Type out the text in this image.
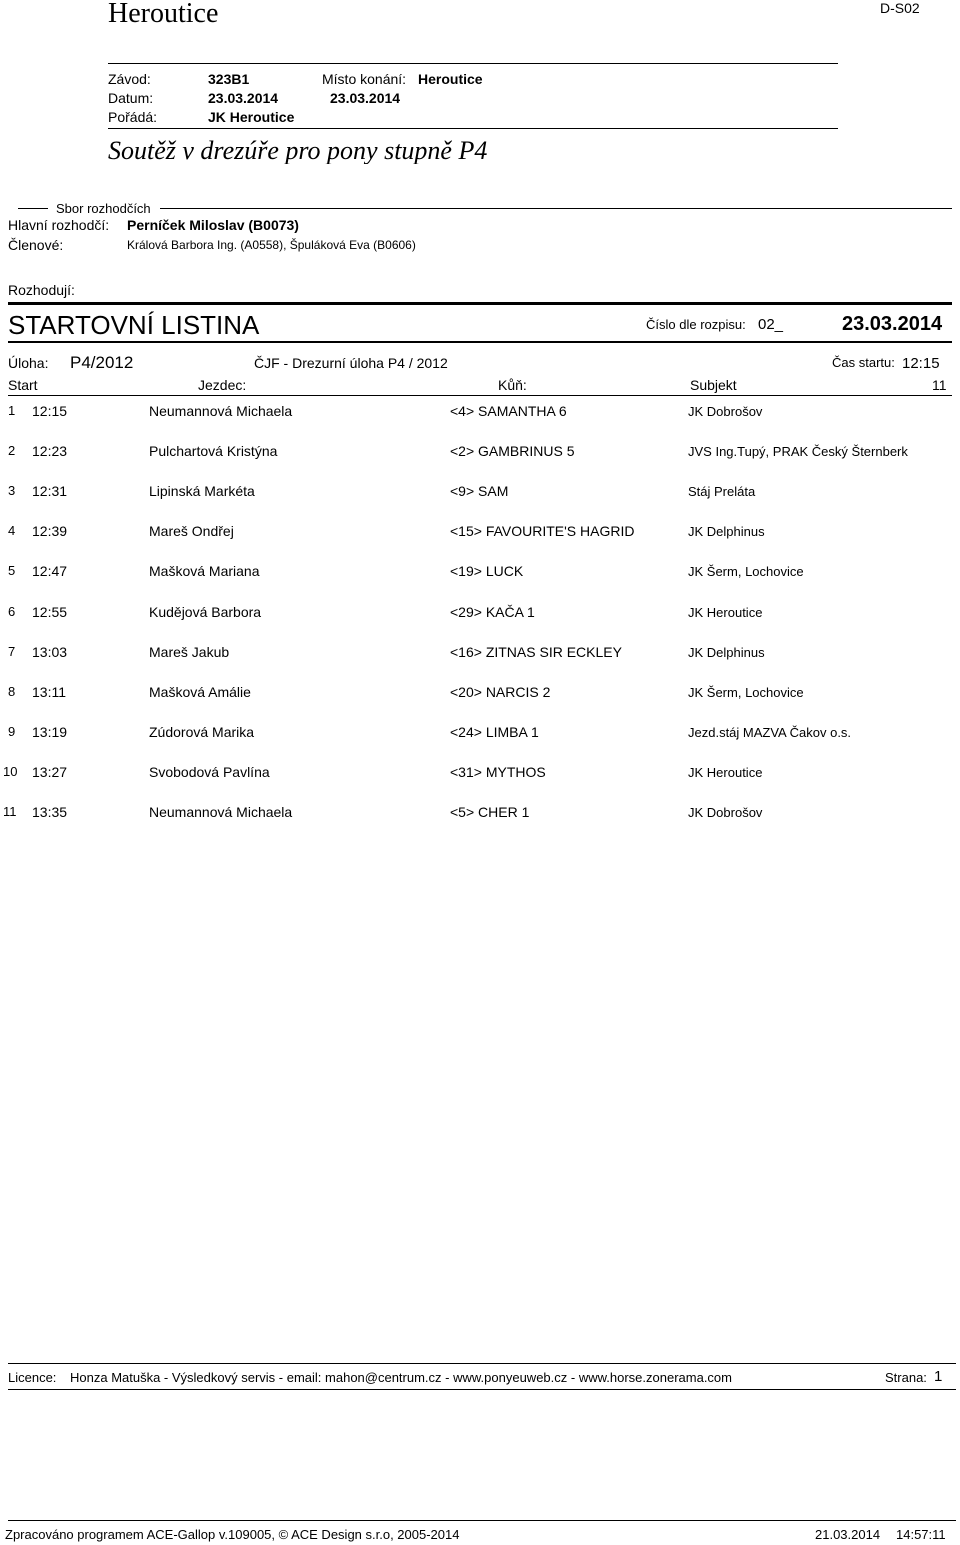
Heroutice	D-S02
Závod:	323B1	Místo konání: Heroutice
Datum:	23.03.2014	23.03.2014
Pořádá:	JK Heroutice
Soutěž v drezúře pro pony stupně P4
Sbor rozhodčích
Hlavní rozhodčí: Perníček Miloslav (B0073)
Členové:	Králová Barbora Ing. (A0558), Špuláková Eva (B0606)
Rozhodují:
STARTOVNÍ LISTINA	Číslo dle rozpisu: 02_	23.03.2014
Úloha: P4/2012	ČJF - Drezurní úloha P4 / 2012	Čas startu: 12:15
Start	Jezdec:	Kůň:	Subjekt	11
1 12:15	Neumannová Michaela	<4> SAMANTHA 6	JK Dobrošov
2 12:23	Pulchartová Kristýna	<2> GAMBRINUS 5	JVS Ing.Tupý, PRAK Český Šternberk
3 12:31	Lipinská Markéta	<9> SAM	Stáj Preláta
4 12:39	Mareš Ondřej	<15> FAVOURITE'S HAGRID	JK Delphinus
5 12:47	Mašková Mariana	<19> LUCK	JK Šerm, Lochovice
6 12:55	Kudějová Barbora	<29> KAČA 1	JK Heroutice
7 13:03	Mareš Jakub	<16> ZITNAS SIR ECKLEY	JK Delphinus
8 13:11	Mašková Amálie	<20> NARCIS 2	JK Šerm, Lochovice
9 13:19	Zúdorová Marika	<24> LIMBA 1	Jezd.stáj MAZVA Čakov o.s.
10 13:27	Svobodová Pavlína	<31> MYTHOS	JK Heroutice
11 13:35	Neumannová Michaela	<5> CHER 1	JK Dobrošov
Licence: Honza Matuška - Výsledkový servis - email: mahon@centrum.cz - www.ponyeuweb.cz - www.horse.zonerama.com	Strana: 1
Zpracováno programem ACE-Gallop v.109005, © ACE Design s.r.o, 2005-2014	21.03.2014 14:57:11
